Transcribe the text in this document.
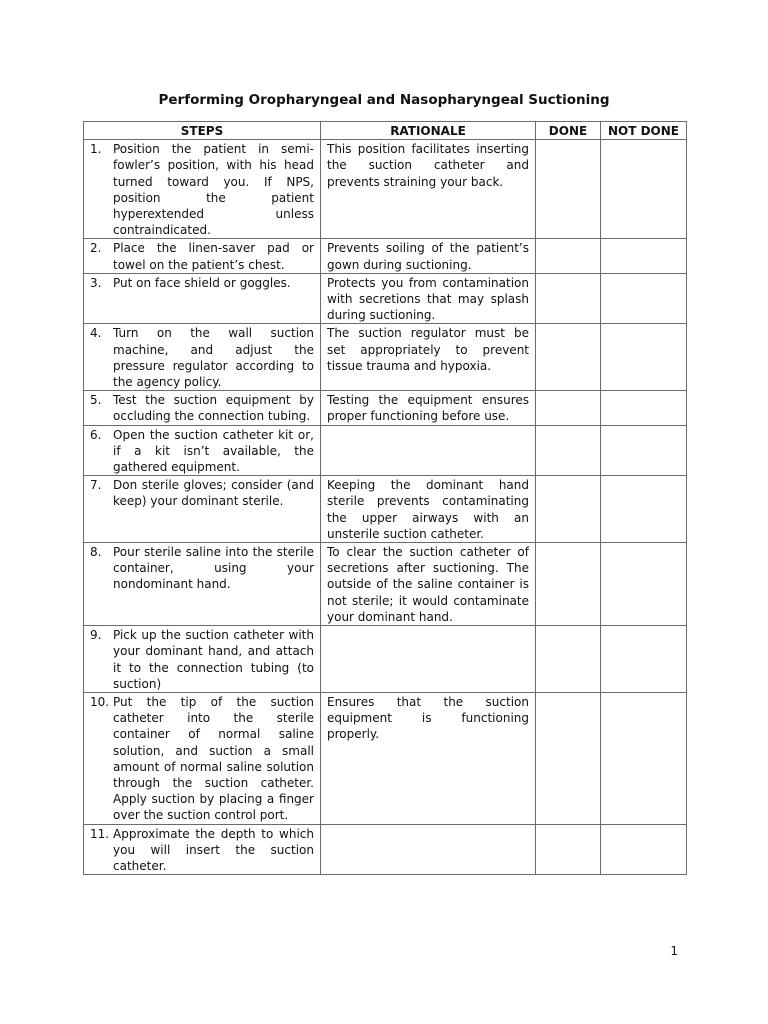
Performing Oropharyngeal and Nasopharyngeal Suctioning
STEPS	RATIONALE	DONE	NOT DONE

1. Position the patient in semi-fowler’s position, with his head turned toward you. If NPS, position the patient hyperextended unless contraindicated.	This position facilitates inserting the suction catheter and prevents straining your back.		

2. Place the linen-saver pad or towel on the patient’s chest.	Prevents soiling of the patient’s gown during suctioning.		

3. Put on face shield or goggles.	Protects you from contamination with secretions that may splash during suctioning.		

4. Turn on the wall suction machine, and adjust the pressure regulator according to the agency policy.	The suction regulator must be set appropriately to prevent tissue trauma and hypoxia.		

5. Test the suction equipment by occluding the connection tubing.	Testing the equipment ensures proper functioning before use.		

6. Open the suction catheter kit or, if a kit isn’t available, the gathered equipment.			

7. Don sterile gloves; consider (and keep) your dominant sterile.	Keeping the dominant hand sterile prevents contaminating the upper airways with an unsterile suction catheter.		

8. Pour sterile saline into the sterile container, using your nondominant hand.	To clear the suction catheter of secretions after suctioning. The outside of the saline container is not sterile; it would contaminate your dominant hand.		

9. Pick up the suction catheter with your dominant hand, and attach it to the connection tubing (to suction)			

10. Put the tip of the suction catheter into the sterile container of normal saline solution, and suction a small amount of normal saline solution through the suction catheter. Apply suction by placing a finger over the suction control port.	Ensures that the suction equipment is functioning properly.		

11. Approximate the depth to which you will insert the suction catheter.			

1
